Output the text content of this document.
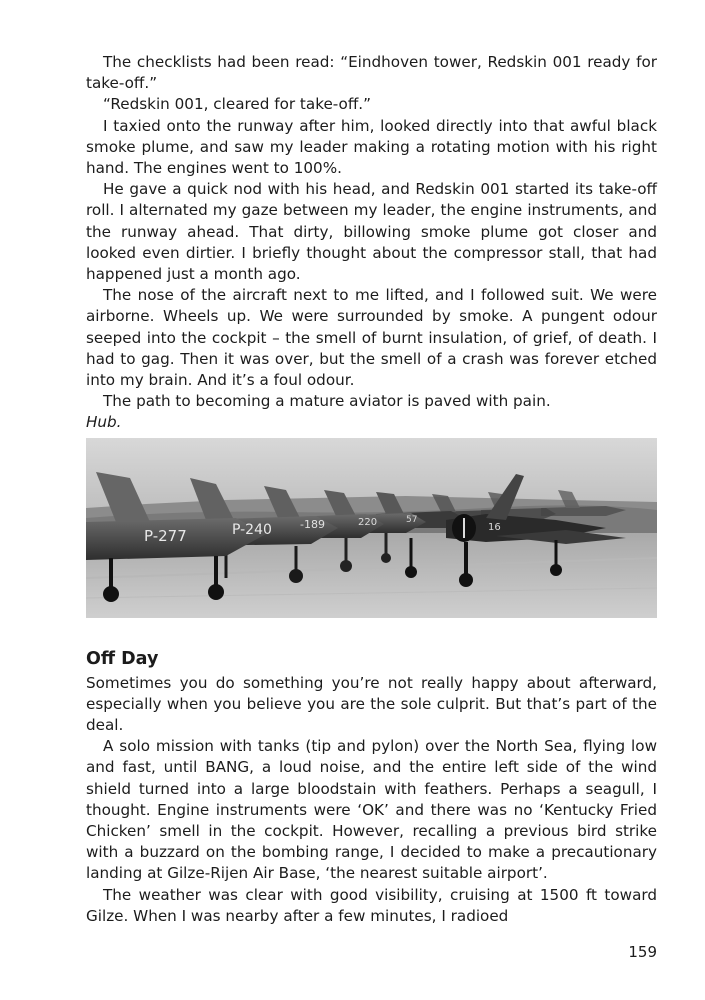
The checklists had been read: “Eindhoven tower, Redskin 001 ready for take-off.”

“Redskin 001, cleared for take-off.”

I taxied onto the runway after him, looked directly into that awful black smoke plume, and saw my leader making a rotating motion with his right hand. The engines went to 100%.

He gave a quick nod with his head, and Redskin 001 started its take-off roll. I alternated my gaze between my leader, the engine instruments, and the runway ahead. That dirty, billowing smoke plume got closer and looked even dirtier. I briefly thought about the compressor stall, that had happened just a month ago.

The nose of the aircraft next to me lifted, and I followed suit. We were airborne. Wheels up. We were surrounded by smoke. A pungent odour seeped into the cockpit – the smell of burnt insulation, of grief, of death. I had to gag. Then it was over, but the smell of a crash was forever etched into my brain. And it’s a foul odour.

The path to becoming a mature aviator is paved with pain.

Hub.

P-277	P-240	-189	220	57
16
Off Day

Sometimes you do something you’re not really happy about afterward, especially when you believe you are the sole culprit. But that’s part of the deal.

A solo mission with tanks (tip and pylon) over the North Sea, flying low and fast, until BANG, a loud noise, and the entire left side of the wind shield turned into a large bloodstain with feathers. Perhaps a seagull, I thought. Engine instruments were ‘OK’ and there was no ‘Kentucky Fried Chicken’ smell in the cockpit. However, recalling a previous bird strike with a buzzard on the bombing range, I decided to make a precautionary landing at Gilze-Rijen Air Base, ‘the nearest suitable airport’.

The weather was clear with good visibility, cruising at 1500 ft toward Gilze. When I was nearby after a few minutes, I radioed

159
